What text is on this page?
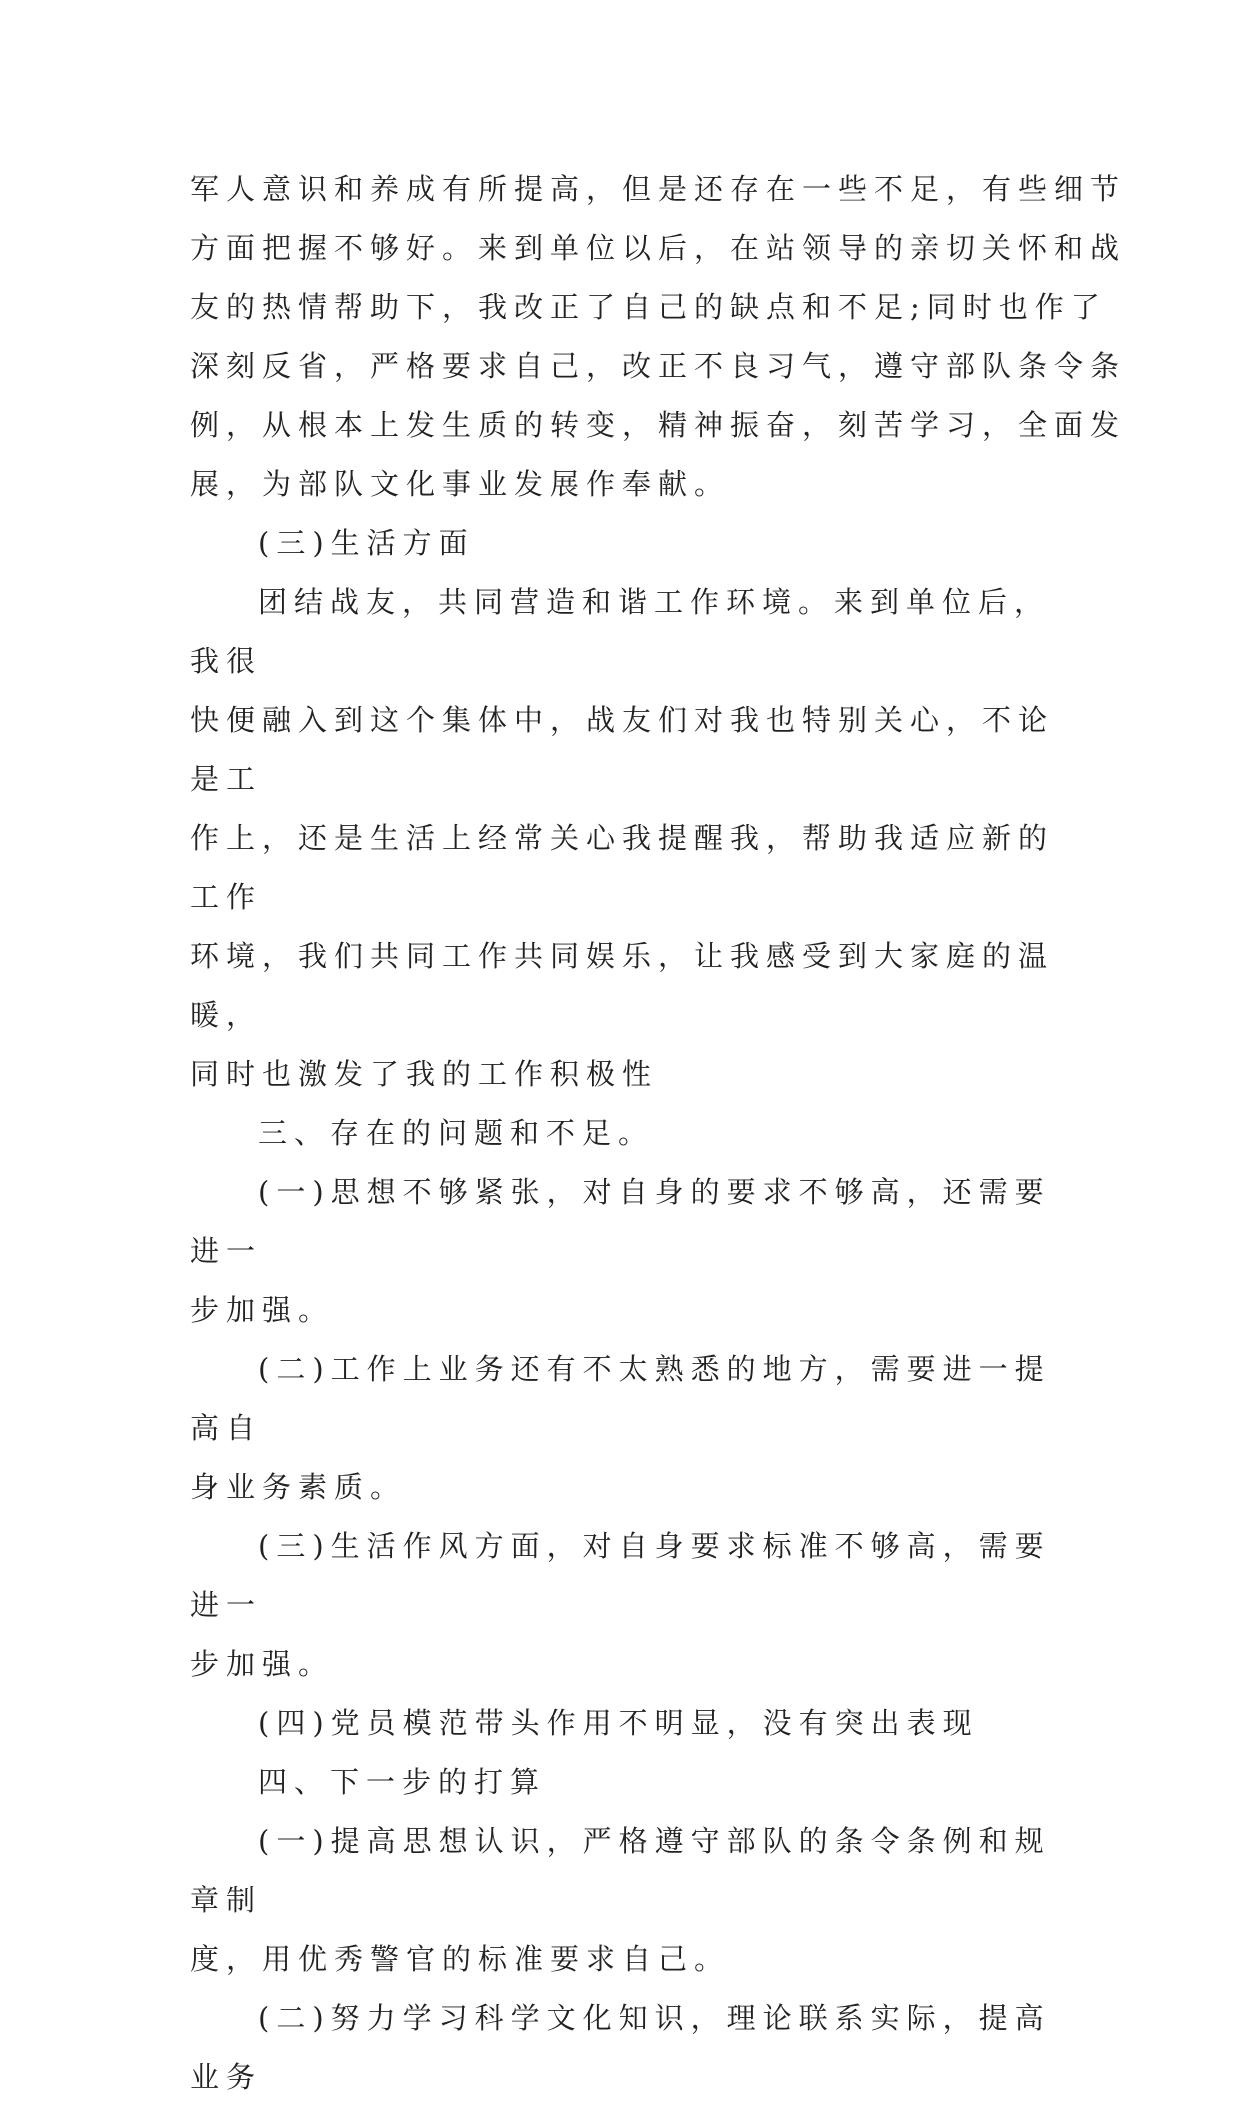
军人意识和养成有所提高，但是还存在一些不足，有些细节
方面把握不够好。来到单位以后，在站领导的亲切关怀和战
友的热情帮助下，我改正了自己的缺点和不足;同时也作了
深刻反省，严格要求自己，改正不良习气，遵守部队条令条
例，从根本上发生质的转变，精神振奋，刻苦学习，全面发
展，为部队文化事业发展作奉献。

(三)生活方面

团结战友，共同营造和谐工作环境。来到单位后，我很
快便融入到这个集体中，战友们对我也特别关心，不论是工
作上，还是生活上经常关心我提醒我，帮助我适应新的工作
环境，我们共同工作共同娱乐，让我感受到大家庭的温暖，
同时也激发了我的工作积极性

三、存在的问题和不足。

(一)思想不够紧张，对自身的要求不够高，还需要进一
步加强。

(二)工作上业务还有不太熟悉的地方，需要进一提高自
身业务素质。

(三)生活作风方面，对自身要求标准不够高，需要进一
步加强。

(四)党员模范带头作用不明显，没有突出表现

四、下一步的打算

(一)提高思想认识，严格遵守部队的条令条例和规章制
度，用优秀警官的标准要求自己。

(二)努力学习科学文化知识，理论联系实际，提高业务
